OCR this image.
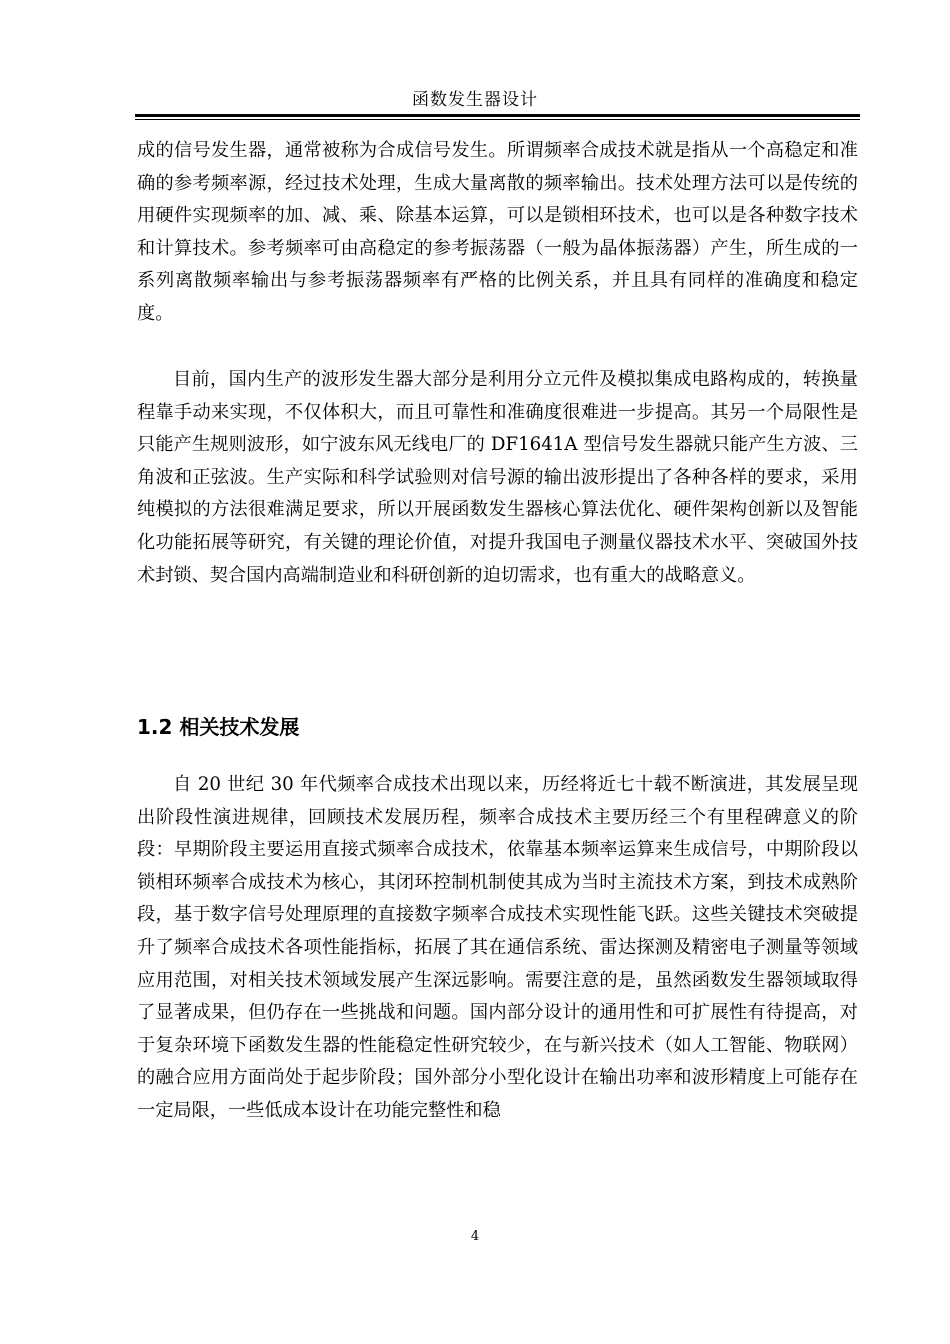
函数发生器设计

成的信号发生器，通常被称为合成信号发生。所谓频率合成技术就是指从一个高稳定和准确的参考频率源，经过技术处理，生成大量离散的频率输出。技术处理方法可以是传统的用硬件实现频率的加、减、乘、除基本运算，可以是锁相环技术，也可以是各种数字技术和计算技术。参考频率可由高稳定的参考振荡器（一般为晶体振荡器）产生，所生成的一系列离散频率输出与参考振荡器频率有严格的比例关系，并且具有同样的准确度和稳定度。

目前，国内生产的波形发生器大部分是利用分立元件及模拟集成电路构成的，转换量程靠手动来实现，不仅体积大，而且可靠性和准确度很难进一步提高。其另一个局限性是只能产生规则波形，如宁波东风无线电厂的 DF1641A 型信号发生器就只能产生方波、三角波和正弦波。生产实际和科学试验则对信号源的输出波形提出了各种各样的要求，采用纯模拟的方法很难满足要求，所以开展函数发生器核心算法优化、硬件架构创新以及智能化功能拓展等研究，有关键的理论价值，对提升我国电子测量仪器技术水平、突破国外技术封锁、契合国内高端制造业和科研创新的迫切需求，也有重大的战略意义。

1.2 相关技术发展

自 20 世纪 30 年代频率合成技术出现以来，历经将近七十载不断演进，其发展呈现出阶段性演进规律，回顾技术发展历程，频率合成技术主要历经三个有里程碑意义的阶段：早期阶段主要运用直接式频率合成技术，依靠基本频率运算来生成信号，中期阶段以锁相环频率合成技术为核心，其闭环控制机制使其成为当时主流技术方案，到技术成熟阶段，基于数字信号处理原理的直接数字频率合成技术实现性能飞跃。这些关键技术突破提升了频率合成技术各项性能指标，拓展了其在通信系统、雷达探测及精密电子测量等领域应用范围，对相关技术领域发展产生深远影响。需要注意的是，虽然函数发生器领域取得了显著成果，但仍存在一些挑战和问题。国内部分设计的通用性和可扩展性有待提高，对于复杂环境下函数发生器的性能稳定性研究较少，在与新兴技术（如人工智能、物联网）的融合应用方面尚处于起步阶段；国外部分小型化设计在输出功率和波形精度上可能存在一定局限，一些低成本设计在功能完整性和稳

4
